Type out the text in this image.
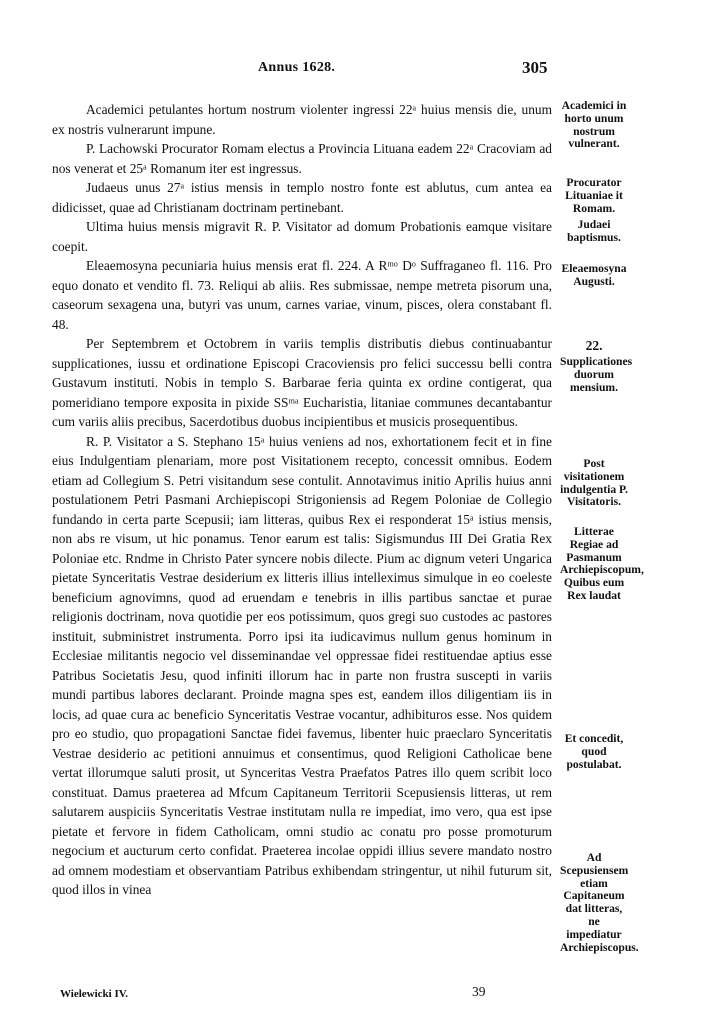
Annus 1628.	305

Academici petulantes hortum nostrum violenter ingressi 22ᵃ huius mensis die, unum ex nostris vulnerarunt impune.

P. Lachowski Procurator Romam electus a Provincia Lituana eadem 22ᵃ Cracoviam ad nos venerat et 25ᵃ Romanum iter est ingressus.

Judaeus unus 27ᵃ istius mensis in templo nostro fonte est ablutus, cum antea ea didicisset, quae ad Christianam doctrinam pertinebant.

Ultima huius mensis migravit R. P. Visitator ad domum Probationis eamque visitare coepit.

Eleaemosyna pecuniaria huius mensis erat fl. 224. A Rᵐᵒ Dᵒ Suffraganeo fl. 116. Pro equo donato et vendito fl. 73. Reliqui ab aliis. Res submissae, nempe metreta pisorum una, caseorum sexagena una, butyri vas unum, carnes variae, vinum, pisces, olera constabant fl. 48.

Per Septembrem et Octobrem in variis templis distributis diebus continuabantur supplicationes, iussu et ordinatione Episcopi Cracoviensis pro felici successu belli contra Gustavum instituti. Nobis in templo S. Barbarae feria quinta ex ordine contigerat, qua pomeridiano tempore exposita in pixide SSᵐᵃ Eucharistia, litaniae communes decantabantur cum variis aliis precibus, Sacerdotibus duobus incipientibus et musicis prosequentibus.

R. P. Visitator a S. Stephano 15ᵃ huius veniens ad nos, exhortationem fecit et in fine eius Indulgentiam plenariam, more post Visitationem recepto, concessit omnibus. Eodem etiam ad Collegium S. Petri visitandum sese contulit. Annotavimus initio Aprilis huius anni postulationem Petri Pasmani Archiepiscopi Strigoniensis ad Regem Poloniae de Collegio fundando in certa parte Scepusii; iam litteras, quibus Rex ei responderat 15ᵃ istius mensis, non abs re visum, ut hic ponamus. Tenor earum est talis: Sigismundus III Dei Gratia Rex Poloniae etc. Rndme in Christo Pater syncere nobis dilecte. Pium ac dignum veteri Ungarica pietate Synceritatis Vestrae desiderium ex litteris illius intelleximus simulque in eo coeleste beneficium agnovimns, quod ad eruendam e tenebris in illis partibus sanctae et purae religionis doctrinam, nova quotidie per eos potissimum, quos gregi suo custodes ac pastores instituit, subministret instrumenta. Porro ipsi ita iudicavimus nullum genus hominum in Ecclesiae militantis negocio vel disseminandae vel oppressae fidei restituendae aptius esse Patribus Societatis Jesu, quod infiniti illorum hac in parte non frustra suscepti in variis mundi partibus labores declarant. Proinde magna spes est, eandem illos diligentiam iis in locis, ad quae cura ac beneficio Synceritatis Vestrae vocantur, adhibituros esse. Nos quidem pro eo studio, quo propagationi Sanctae fidei favemus, libenter huic praeclaro Synceritatis Vestrae desiderio ac petitioni annuimus et consentimus, quod Religioni Catholicae bene vertat illorumque saluti prosit, ut Synceritas Vestra Praefatos Patres illo quem scribit loco constituat. Damus praeterea ad Mfcum Capitaneum Territorii Scepusiensis litteras, ut rem salutarem auspiciis Synceritatis Vestrae institutam nulla re impediat, imo vero, qua est ipse pietate et fervore in fidem Catholicam, omni studio ac conatu pro posse promoturum negocium et aucturum certo confidat. Praeterea incolae oppidi illius severe mandato nostro ad omnem modestiam et observantiam Patribus exhibendam stringentur, ut nihil futurum sit, quod illos in vinea

Academici in horto unum nostrum vulnerant.
Procurator Lituaniae it Romam.
Judaei baptismus.
Eleaemosyna Augusti.
22.
Supplicationes duorum mensium.
Post visitationem indulgentia P. Visitatoris.
Litterae Regiae ad Pasmanum Archiepiscopum, Quibus eum Rex laudat
Et concedit, quod postulabat.
Ad Scepusiensem etiam Capitaneum dat litteras, ne impediatur Archiepiscopus.
Wielewicki IV.	39
